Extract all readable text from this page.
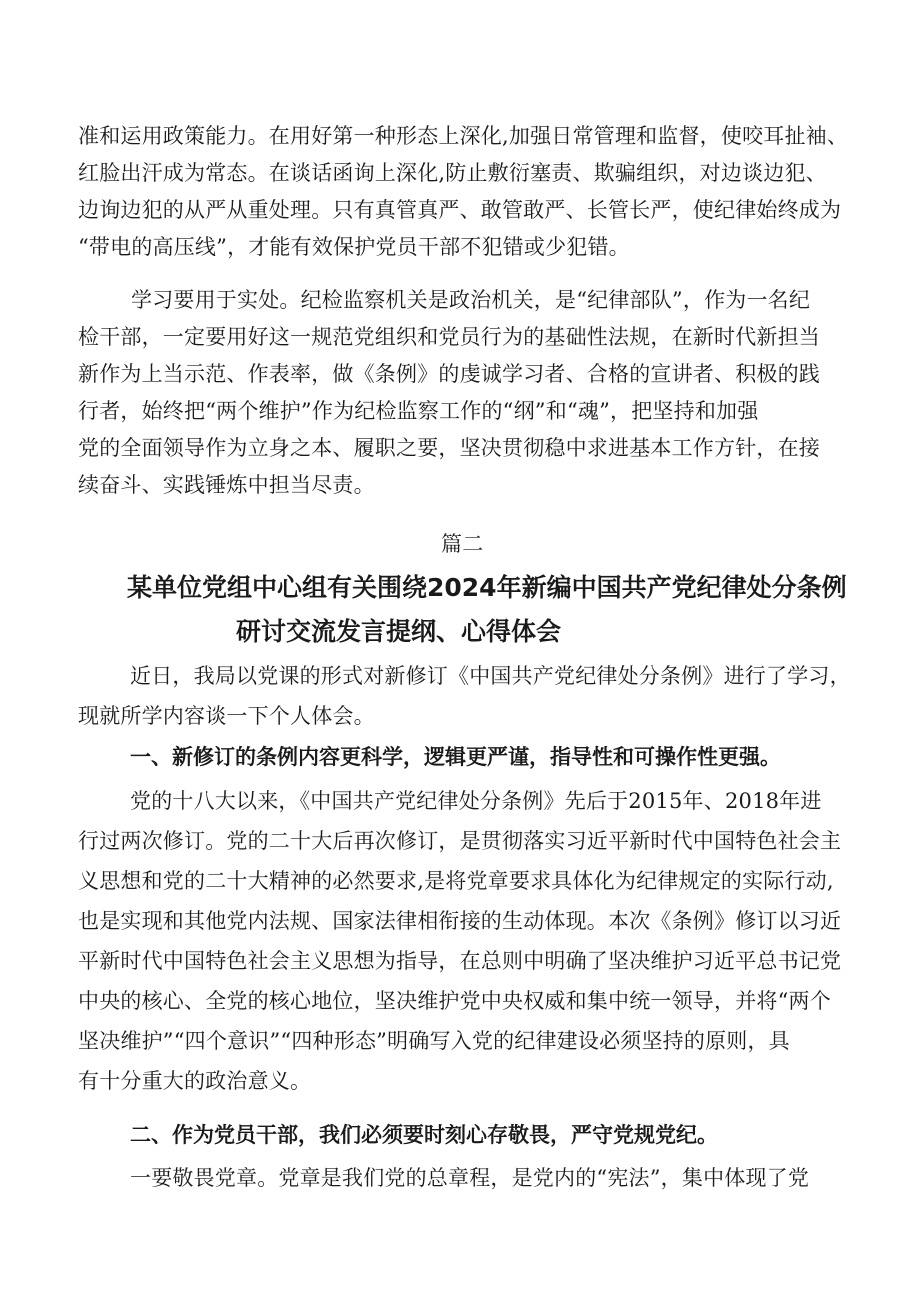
准和运用政策能力。在用好第一种形态上深化,加强日常管理和监督，使咬耳扯袖、
红脸出汗成为常态。在谈话函询上深化,防止敷衍塞责、欺骗组织，对边谈边犯、
边询边犯的从严从重处理。只有真管真严、敢管敢严、长管长严，使纪律始终成为
“带电的高压线”，才能有效保护党员干部不犯错或少犯错。
学习要用于实处。纪检监察机关是政治机关，是“纪律部队”，作为一名纪
检干部，一定要用好这一规范党组织和党员行为的基础性法规，在新时代新担当
新作为上当示范、作表率，做《条例》的虔诚学习者、合格的宣讲者、积极的践
行者，始终把“两个维护”作为纪检监察工作的“纲”和“魂”，把坚持和加强
党的全面领导作为立身之本、履职之要，坚决贯彻稳中求进基本工作方针，在接
续奋斗、实践锤炼中担当尽责。
篇二
某单位党组中心组有关围绕2024年新编中国共产党纪律处分条例
研讨交流发言提纲、心得体会
近日，我局以党课的形式对新修订《中国共产党纪律处分条例》进行了学习，
现就所学内容谈一下个人体会。
一、新修订的条例内容更科学，逻辑更严谨，指导性和可操作性更强。
党的十八大以来，《中国共产党纪律处分条例》先后于2015年、2018年进
行过两次修订。党的二十大后再次修订，是贯彻落实习近平新时代中国特色社会主
义思想和党的二十大精神的必然要求,是将党章要求具体化为纪律规定的实际行动,
也是实现和其他党内法规、国家法律相衔接的生动体现。本次《条例》修订以习近
平新时代中国特色社会主义思想为指导，在总则中明确了坚决维护习近平总书记党
中央的核心、全党的核心地位，坚决维护党中央权威和集中统一领导，并将“两个
坚决维护”“四个意识”“四种形态”明确写入党的纪律建设必须坚持的原则，具
有十分重大的政治意义。
二、作为党员干部，我们必须要时刻心存敬畏，严守党规党纪。
一要敬畏党章。党章是我们党的总章程，是党内的“宪法”，集中体现了党
